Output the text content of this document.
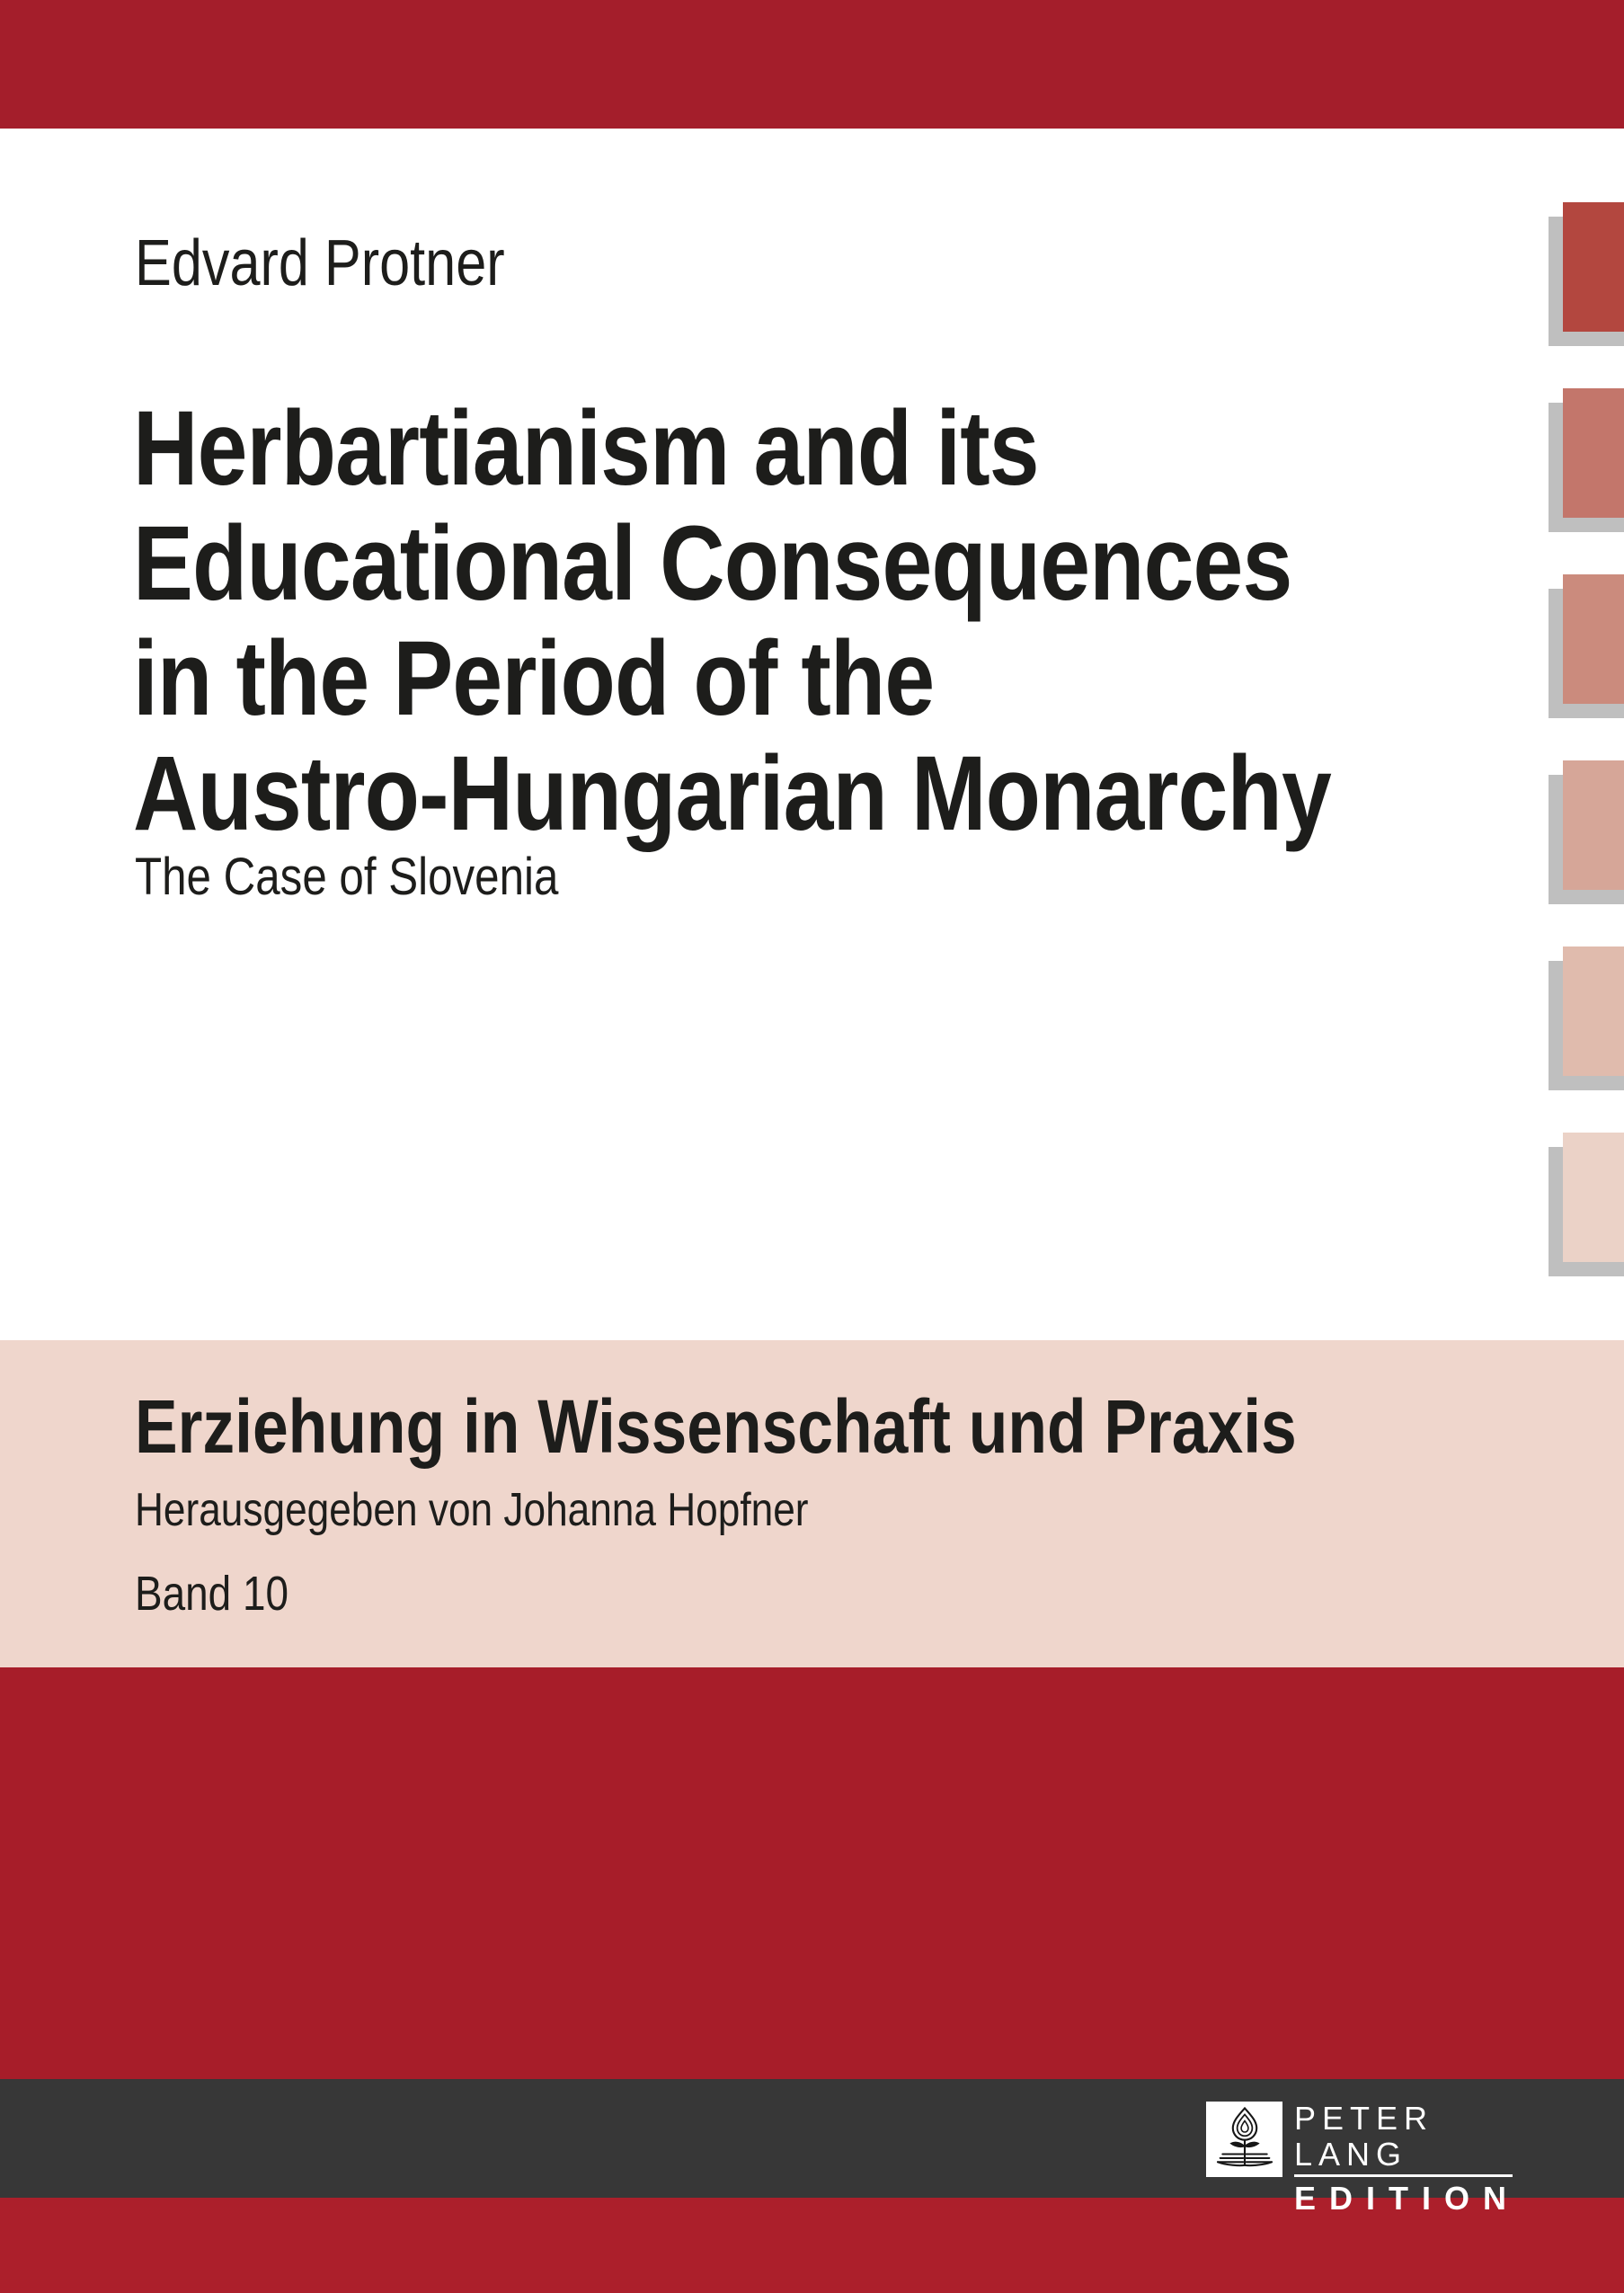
Edvard Protner
Herbartianism and its
Educational Consequences
in the Period of the
Austro-Hungarian Monarchy
The Case of Slovenia
Erziehung in Wissenschaft und Praxis
Herausgegeben von Johanna Hopfner
Band 10
PETER LANG
EDITION
